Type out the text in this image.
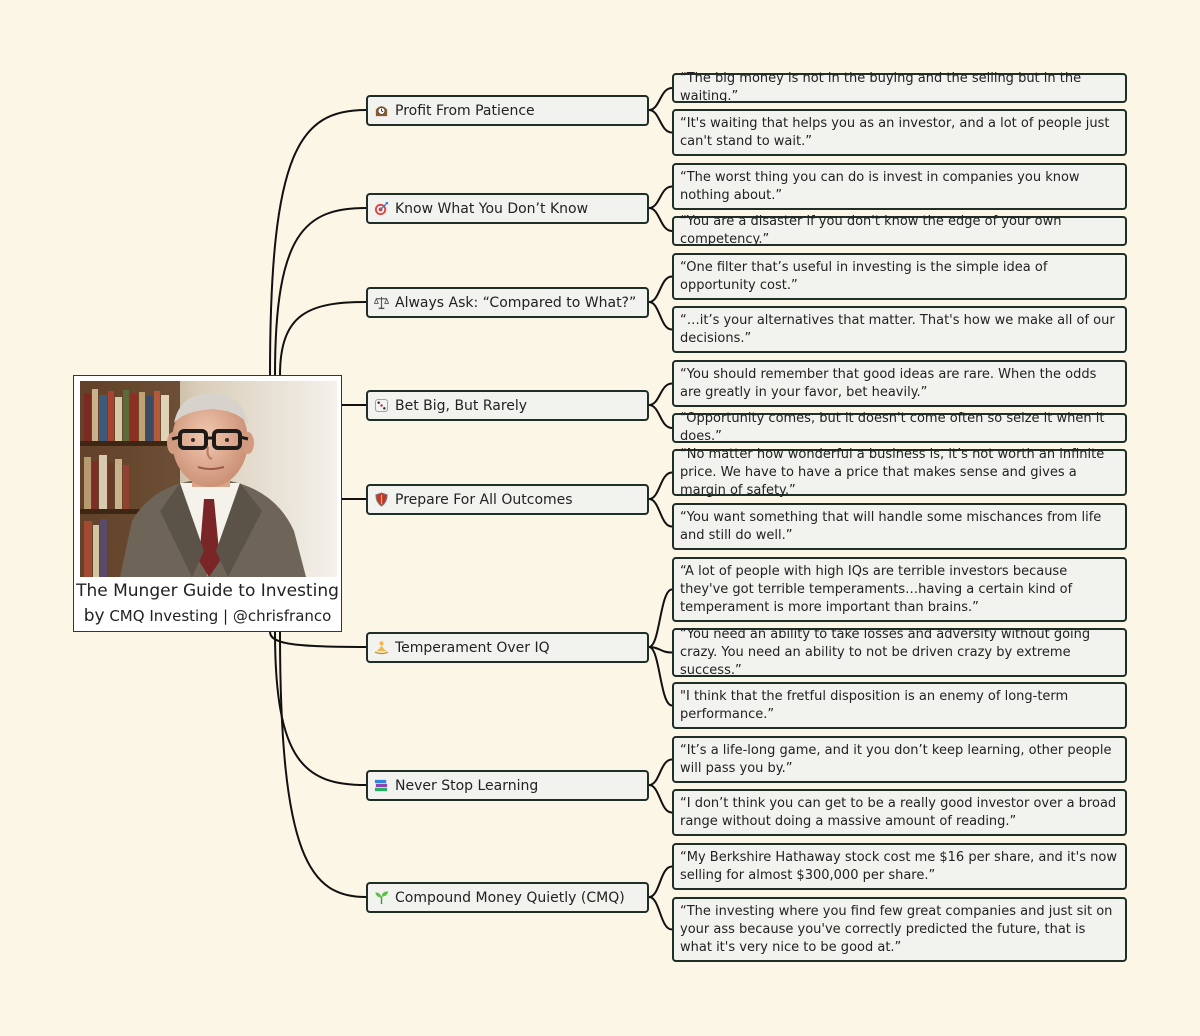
The Munger Guide to Investing
by CMQ Investing | @chrisfranco
Profit From Patience
“The big money is not in the buying and the selling but in the waiting.”
“It's waiting that helps you as an investor, and a lot of people just can't stand to wait.”
Know What You Don’t Know
“The worst thing you can do is invest in companies you know nothing about.”
“You are a disaster if you don't know the edge of your own competency.”
Always Ask: “Compared to What?”
“One filter that’s useful in investing is the simple idea of opportunity cost.”
“…it’s your alternatives that matter. That's how we make all of our decisions.”
Bet Big, But Rarely
“You should remember that good ideas are rare. When the odds are greatly in your favor, bet heavily.”
“Opportunity comes, but it doesn't come often so seize it when it does.”
Prepare For All Outcomes
“No matter how wonderful a business is, it’s not worth an infinite price. We have to have a price that makes sense and gives a margin of safety.”
“You want something that will handle some mischances from life and still do well.”
Temperament Over IQ
“A lot of people with high IQs are terrible investors because they've got terrible temperaments…having a certain kind of temperament is more important than brains.”
“You need an ability to take losses and adversity without going crazy. You need an ability to not be driven crazy by extreme success.”
"I think that the fretful disposition is an enemy of long-term performance.”
Never Stop Learning
“It’s a life-long game, and it you don’t keep learning, other people will pass you by.”
“I don’t think you can get to be a really good investor over a broad range without doing a massive amount of reading.”
Compound Money Quietly (CMQ)
“My Berkshire Hathaway stock cost me $16 per share, and it's now selling for almost $300,000 per share.”
“The investing where you find few great companies and just sit on your ass because you've correctly predicted the future, that is what it's very nice to be good at.”
